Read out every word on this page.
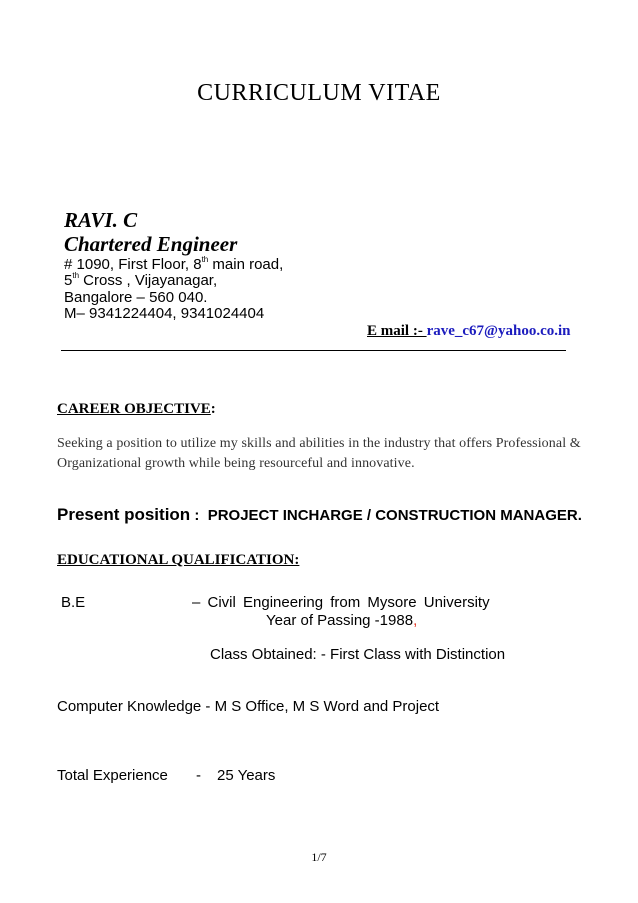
CURRICULUM VITAE
RAVI. C
Chartered Engineer
# 1090, First Floor, 8th main road,
5th Cross , Vijayanagar,
Bangalore – 560 040.
M– 9341224404, 9341024404
E mail :- rave_c67@yahoo.co.in
CAREER OBJECTIVE:
Seeking a position to utilize my skills and abilities in the industry that offers Professional &
Organizational growth while being resourceful and innovative.
Present position :  PROJECT INCHARGE / CONSTRUCTION MANAGER.
EDUCATIONAL QUALIFICATION:
B.E	– Civil Engineering from Mysore University
Year of Passing -1988,
Class Obtained: - First Class with Distinction
Computer Knowledge - M S Office, M S Word and Project
Total Experience - 25 Years
1/7
